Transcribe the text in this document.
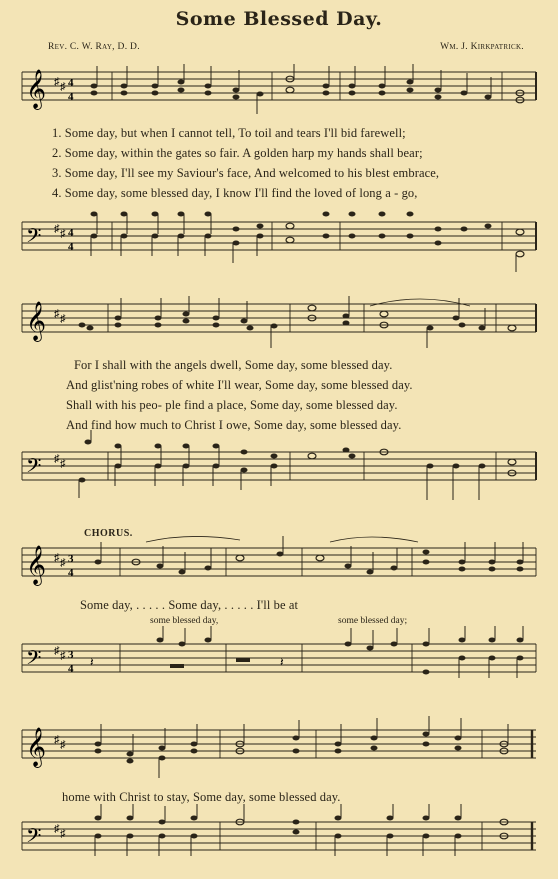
Some Blessed Day.
Rev. C. W. Ray, D. D.	Wm. J. Kirkpatrick.
𝄞 ♯ ♯ 4
4
1. Some day, but when I cannot tell, To toil and tears I'll bid farewell;
2. Some day, within the gates so fair. A golden harp my hands shall bear;
3. Some day, I'll see my Saviour's face, And welcomed to his blest embrace,
4. Some day, some blessed day, I know I'll find the loved of long a - go,
𝄢 ♯ ♯ 4
4
𝄞 ♯ ♯
For I shall with the angels dwell, Some day, some blessed day.
And glist'ning robes of white I'll wear, Some day, some blessed day.
Shall with his peo- ple find a place, Some day, some blessed day.
And find how much to Christ I owe, Some day, some blessed day.
𝄢 ♯ ♯
CHORUS.
𝄞 ♯ ♯ 3
4
Some day, . . . . . Some day, . . . . . I'll be at
some blessed day,	some blessed day;
𝄢 ♯ ♯ 3
4 𝄽	𝄽
𝄞 ♯ ♯
home with Christ to stay, Some day, some blessed day.
𝄢 ♯ ♯
